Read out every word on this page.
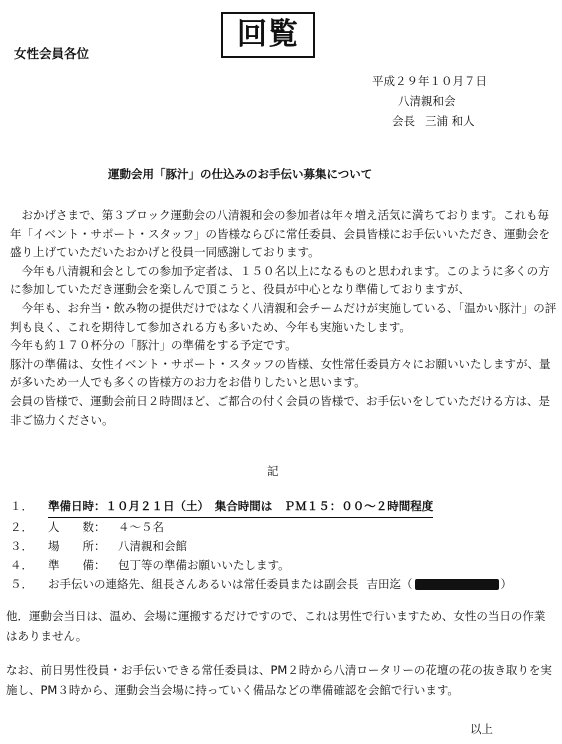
回覧
女性会員各位
平成２９年１０月７日
八清親和会
会長 三浦 和人
運動会用「豚汁」の仕込みのお手伝い募集について

　おかげさまで、第３ブロック運動会の八清親和会の参加者は年々増え活気に満ちております。これも毎年「イベント・サポート・スタッフ」の皆様ならびに常任委員、会員皆様にお手伝いいただき、運動会を盛り上げていただいたおかげと役員一同感謝しております。

　今年も八清親和会としての参加予定者は、１５０名以上になるものと思われます。このように多くの方に参加していただき運動会を楽しんで頂こうと、役員が中心となり準備しておりますが、

　今年も、お弁当・飲み物の提供だけではなく八清親和会チームだけが実施している、「温かい豚汁」の評判も良く、これを期待して参加される方も多いため、今年も実施いたします。

今年も約１７０杯分の「豚汁」の準備をする予定です。

豚汁の準備は、女性イベント・サポート・スタッフの皆様、女性常任委員方々にお願いいたしますが、量が多いため一人でも多くの皆様方のお力をお借りしたいと思います。

会員の皆様で、運動会前日２時間ほど、ご都合の付く会員の皆様で、お手伝いをしていただける方は、是非ご協力ください。

記
１．	準備日時：１０月２１日（土）　集合時間は　ＰＭ１５：００～２時間程度
２．	人　　数：	４～５名
３．	場　　所：	八清親和会館
４．	準　　備：	包丁等の準備お願いいたします。
５．	お手伝いの連絡先、組長さんあるいは常任委員または副会長 吉田迄（	）
他．運動会当日は、温め、会場に運搬するだけですので、これは男性で行いますため、女性の当日の作業はありません。
なお、前日男性役員・お手伝いできる常任委員は、PM２時から八清ロータリーの花壇の花の抜き取りを実施し、PM３時から、運動会当会場に持っていく備品などの準備確認を会館で行います。
以上
